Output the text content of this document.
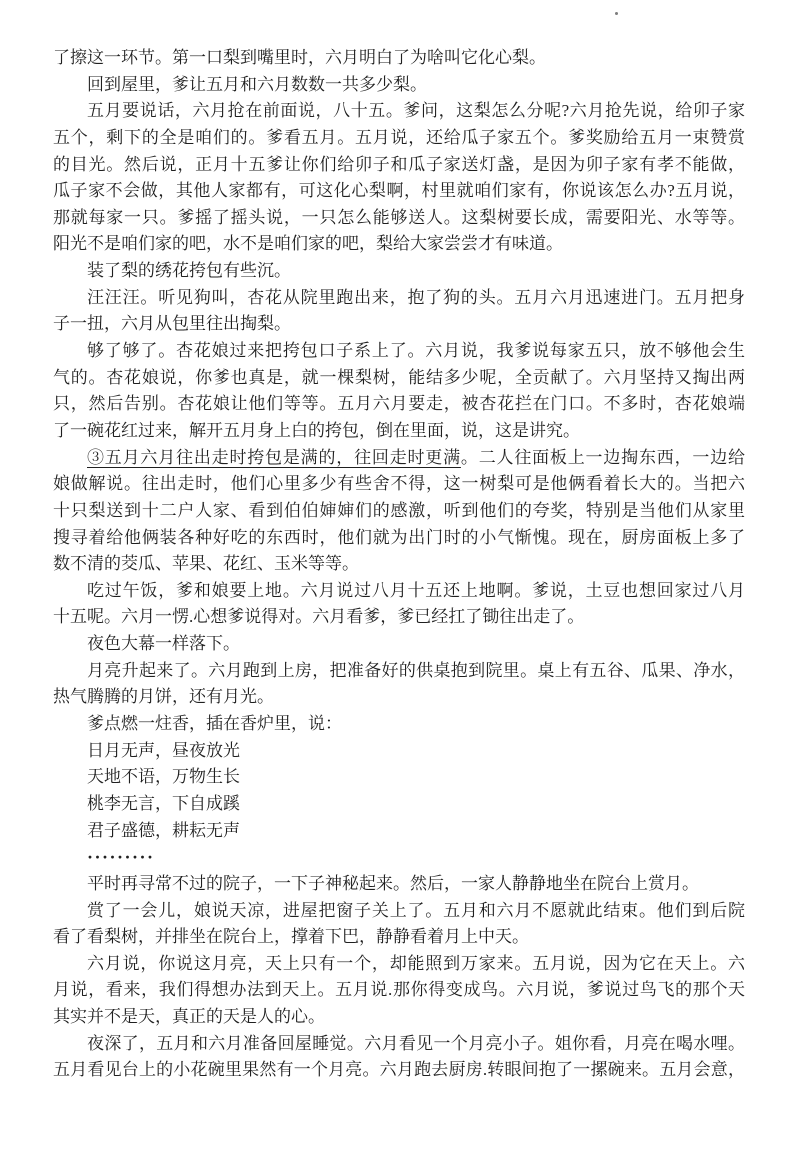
了擦这一环节。第一口梨到嘴里时，六月明白了为啥叫它化心梨。
回到屋里，爹让五月和六月数数一共多少梨。
五月要说话，六月抢在前面说，八十五。爹问，这梨怎么分呢?六月抢先说，给卯子家
五个，剩下的全是咱们的。爹看五月。五月说，还给瓜子家五个。爹奖励给五月一束赞赏
的目光。然后说，正月十五爹让你们给卯子和瓜子家送灯盏，是因为卯子家有孝不能做，
瓜子家不会做，其他人家都有，可这化心梨啊，村里就咱们家有，你说该怎么办?五月说，
那就每家一只。爹摇了摇头说，一只怎么能够送人。这梨树要长成，需要阳光、水等等。
阳光不是咱们家的吧，水不是咱们家的吧，梨给大家尝尝才有味道。
装了梨的绣花挎包有些沉。
汪汪汪。听见狗叫，杏花从院里跑出来，抱了狗的头。五月六月迅速进门。五月把身
子一扭，六月从包里往出掏梨。
够了够了。杏花娘过来把挎包口子系上了。六月说，我爹说每家五只，放不够他会生
气的。杏花娘说，你爹也真是，就一棵梨树，能结多少呢，全贡献了。六月坚持又掏出两
只，然后告别。杏花娘让他们等等。五月六月要走，被杏花拦在门口。不多时，杏花娘端
了一碗花红过来，解开五月身上白的挎包，倒在里面，说，这是讲究。
③五月六月往出走时挎包是满的，往回走时更满。二人往面板上一边掏东西，一边给
娘做解说。往出走时，他们心里多少有些舍不得，这一树梨可是他俩看着长大的。当把六
十只梨送到十二户人家、看到伯伯婶婶们的感激，听到他们的夸奖，特别是当他们从家里
搜寻着给他俩装各种好吃的东西时，他们就为出门时的小气惭愧。现在，厨房面板上多了
数不清的茭瓜、苹果、花红、玉米等等。
吃过午饭，爹和娘要上地。六月说过八月十五还上地啊。爹说，土豆也想回家过八月
十五呢。六月一愣.心想爹说得对。六月看爹，爹已经扛了锄往出走了。
夜色大幕一样落下。
月亮升起来了。六月跑到上房，把准备好的供桌抱到院里。桌上有五谷、瓜果、净水，
热气腾腾的月饼，还有月光。
爹点燃一炷香，插在香炉里，说：
日月无声，昼夜放光
天地不语，万物生长
桃李无言，下自成蹊
君子盛德，耕耘无声
·········
平时再寻常不过的院子，一下子神秘起来。然后，一家人静静地坐在院台上赏月。
赏了一会儿，娘说天凉，进屋把窗子关上了。五月和六月不愿就此结束。他们到后院
看了看梨树，并排坐在院台上，撑着下巴，静静看着月上中天。
六月说，你说这月亮，天上只有一个，却能照到万家来。五月说，因为它在天上。六
月说，看来，我们得想办法到天上。五月说.那你得变成鸟。六月说，爹说过鸟飞的那个天
其实并不是天，真正的天是人的心。
夜深了，五月和六月准备回屋睡觉。六月看见一个月亮小子。姐你看，月亮在喝水哩。
五月看见台上的小花碗里果然有一个月亮。六月跑去厨房.转眼间抱了一摞碗来。五月会意，
